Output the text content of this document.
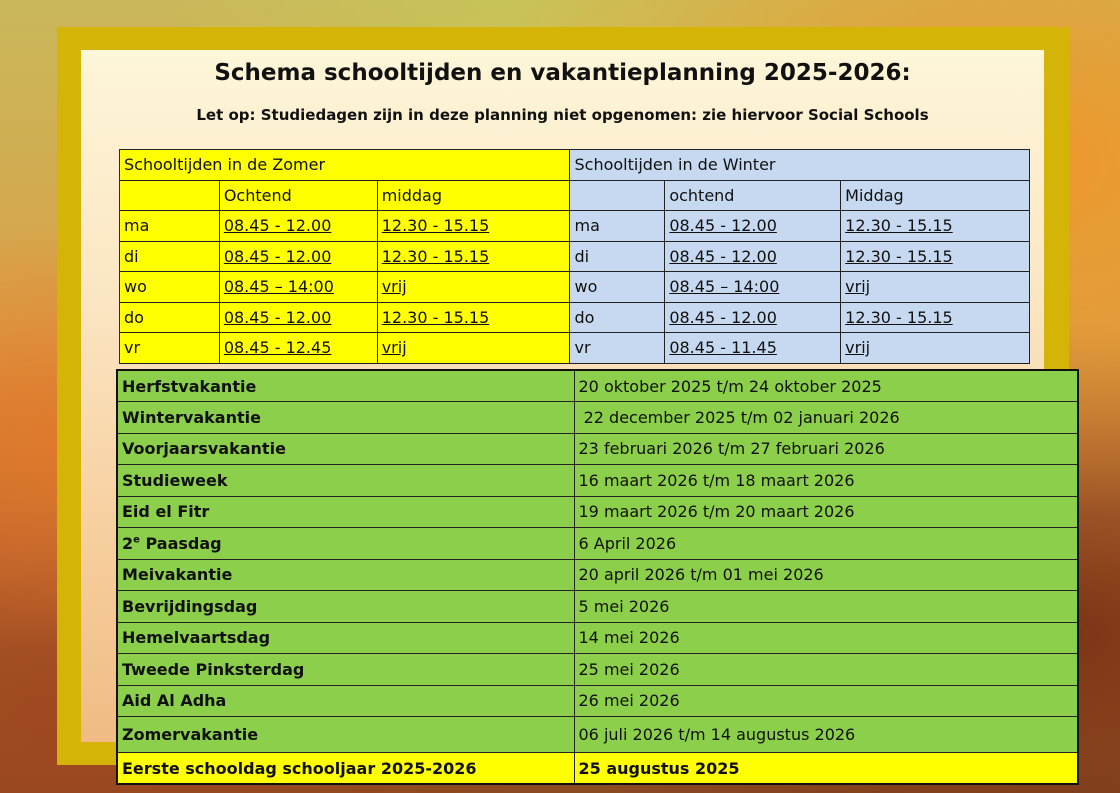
Schema schooltijden en vakantieplanning 2025-2026:
Let op: Studiedagen zijn in deze planning niet opgenomen: zie hiervoor Social Schools
Schooltijden in de Zomer			Schooltijden in de Winter		
	Ochtend	middag		ochtend	Middag
ma	08.45 - 12.00	12.30 - 15.15	ma	08.45 - 12.00	12.30 - 15.15
di	08.45 - 12.00	12.30 - 15.15	di	08.45 - 12.00	12.30 - 15.15
wo	08.45 – 14:00	vrij	wo	08.45 – 14:00	vrij
do	08.45 - 12.00	12.30 - 15.15	do	08.45 - 12.00	12.30 - 15.15
vr	08.45 - 12.45	vrij	vr	08.45 - 11.45	vrij
Herfstvakantie	20 oktober 2025 t/m 24 oktober 2025
Wintervakantie	22 december 2025 t/m 02 januari 2026
Voorjaarsvakantie	23 februari 2026 t/m 27 februari 2026
Studieweek	16 maart 2026 t/m 18 maart 2026
Eid el Fitr	19 maart 2026 t/m 20 maart 2026
2e Paasdag	6 April 2026
Meivakantie	20 april 2026 t/m 01 mei 2026
Bevrijdingsdag	5 mei 2026
Hemelvaartsdag	14 mei 2026
Tweede Pinksterdag	25 mei 2026
Aid Al Adha	26 mei 2026
Zomervakantie	06 juli 2026 t/m 14 augustus 2026
Eerste schooldag schooljaar 2025-2026	25 augustus 2025
